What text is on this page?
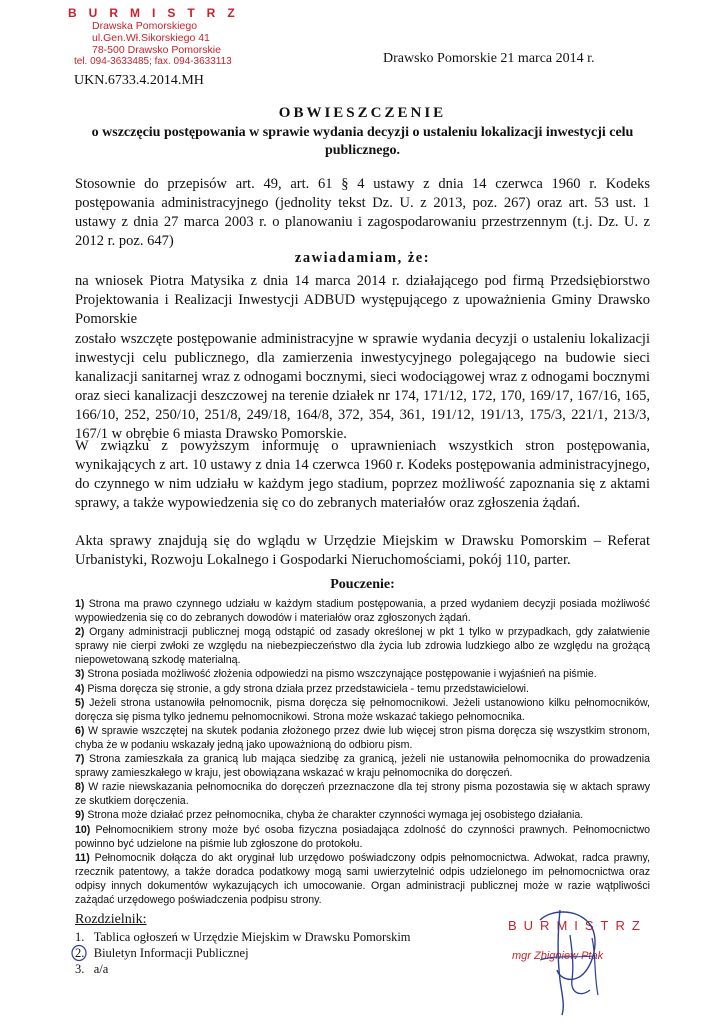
BURMISTRZ
Drawska Pomorskiego
ul.Gen.Wł.Sikorskiego 41
78-500 Drawsko Pomorskie
tel. 094-3633485; fax. 094-3633113
UKN.6733.4.2014.MH
Drawsko Pomorskie 21 marca 2014 r.
OBWIESZCZENIE
o wszczęciu postępowania w sprawie wydania decyzji o ustaleniu lokalizacji inwestycji celu publicznego.
Stosownie do przepisów art. 49, art. 61 § 4 ustawy z dnia 14 czerwca 1960 r. Kodeks postępowania administracyjnego (jednolity tekst Dz. U. z 2013, poz. 267) oraz art. 53 ust. 1 ustawy z dnia 27 marca 2003 r. o planowaniu i zagospodarowaniu przestrzennym (t.j. Dz. U. z 2012 r. poz. 647)
zawiadamiam, że:
na wniosek Piotra Matysika z dnia 14 marca 2014 r. działającego pod firmą Przedsiębiorstwo Projektowania i Realizacji Inwestycji ADBUD występującego z upoważnienia Gminy Drawsko Pomorskie
zostało wszczęte postępowanie administracyjne w sprawie wydania decyzji o ustaleniu lokalizacji inwestycji celu publicznego, dla zamierzenia inwestycyjnego polegającego na budowie sieci kanalizacji sanitarnej wraz z odnogami bocznymi, sieci wodociągowej wraz z odnogami bocznymi oraz sieci kanalizacji deszczowej na terenie działek nr 174, 171/12, 172, 170, 169/17, 167/16, 165, 166/10, 252, 250/10, 251/8, 249/18, 164/8, 372, 354, 361, 191/12, 191/13, 175/3, 221/1, 213/3, 167/1 w obrębie 6 miasta Drawsko Pomorskie.
W związku z powyższym informuję o uprawnieniach wszystkich stron postępowania, wynikających z art. 10 ustawy z dnia 14 czerwca 1960 r. Kodeks postępowania administracyjnego, do czynnego w nim udziału w każdym jego stadium, poprzez możliwość zapoznania się z aktami sprawy, a także wypowiedzenia się co do zebranych materiałów oraz zgłoszenia żądań.
Akta sprawy znajdują się do wglądu w Urzędzie Miejskim w Drawsku Pomorskim – Referat Urbanistyki, Rozwoju Lokalnego i Gospodarki Nieruchomościami, pokój 110, parter.
Pouczenie:

1) Strona ma prawo czynnego udziału w każdym stadium postępowania, a przed wydaniem decyzji posiada możliwość wypowiedzenia się co do zebranych dowodów i materiałów oraz zgłoszonych żądań.

2) Organy administracji publicznej mogą odstąpić od zasady określonej w pkt 1 tylko w przypadkach, gdy załatwienie sprawy nie cierpi zwłoki ze względu na niebezpieczeństwo dla życia lub zdrowia ludzkiego albo ze względu na grożącą niepowetowaną szkodę materialną.

3) Strona posiada możliwość złożenia odpowiedzi na pismo wszczynające postępowanie i wyjaśnień na piśmie.

4) Pisma doręcza się stronie, a gdy strona działa przez przedstawiciela - temu przedstawicielowi.

5) Jeżeli strona ustanowiła pełnomocnik, pisma doręcza się pełnomocnikowi. Jeżeli ustanowiono kilku pełnomocników, doręcza się pisma tylko jednemu pełnomocnikowi. Strona może wskazać takiego pełnomocnika.

6) W sprawie wszczętej na skutek podania złożonego przez dwie lub więcej stron pisma doręcza się wszystkim stronom, chyba że w podaniu wskazały jedną jako upoważnioną do odbioru pism.

7) Strona zamieszkała za granicą lub mająca siedzibę za granicą, jeżeli nie ustanowiła pełnomocnika do prowadzenia sprawy zamieszkałego w kraju, jest obowiązana wskazać w kraju pełnomocnika do doręczeń.

8) W razie niewskazania pełnomocnika do doręczeń przeznaczone dla tej strony pisma pozostawia się w aktach sprawy ze skutkiem doręczenia.

9) Strona może działać przez pełnomocnika, chyba że charakter czynności wymaga jej osobistego działania.

10) Pełnomocnikiem strony może być osoba fizyczna posiadająca zdolność do czynności prawnych. Pełnomocnictwo powinno być udzielone na piśmie lub zgłoszone do protokołu.

11) Pełnomocnik dołącza do akt oryginał lub urzędowo poświadczony odpis pełnomocnictwa. Adwokat, radca prawny, rzecznik patentowy, a także doradca podatkowy mogą sami uwierzytelnić odpis udzielonego im pełnomocnictwa oraz odpisy innych dokumentów wykazujących ich umocowanie. Organ administracji publicznej może w razie wątpliwości zażądać urzędowego poświadczenia podpisu strony.

Rozdzielnik:
1. Tablica ogłoszeń w Urzędzie Miejskim w Drawsku Pomorskim
2. Biuletyn Informacji Publicznej
3. a/a
BURMISTRZ
mgr Zbigniew Ptak
